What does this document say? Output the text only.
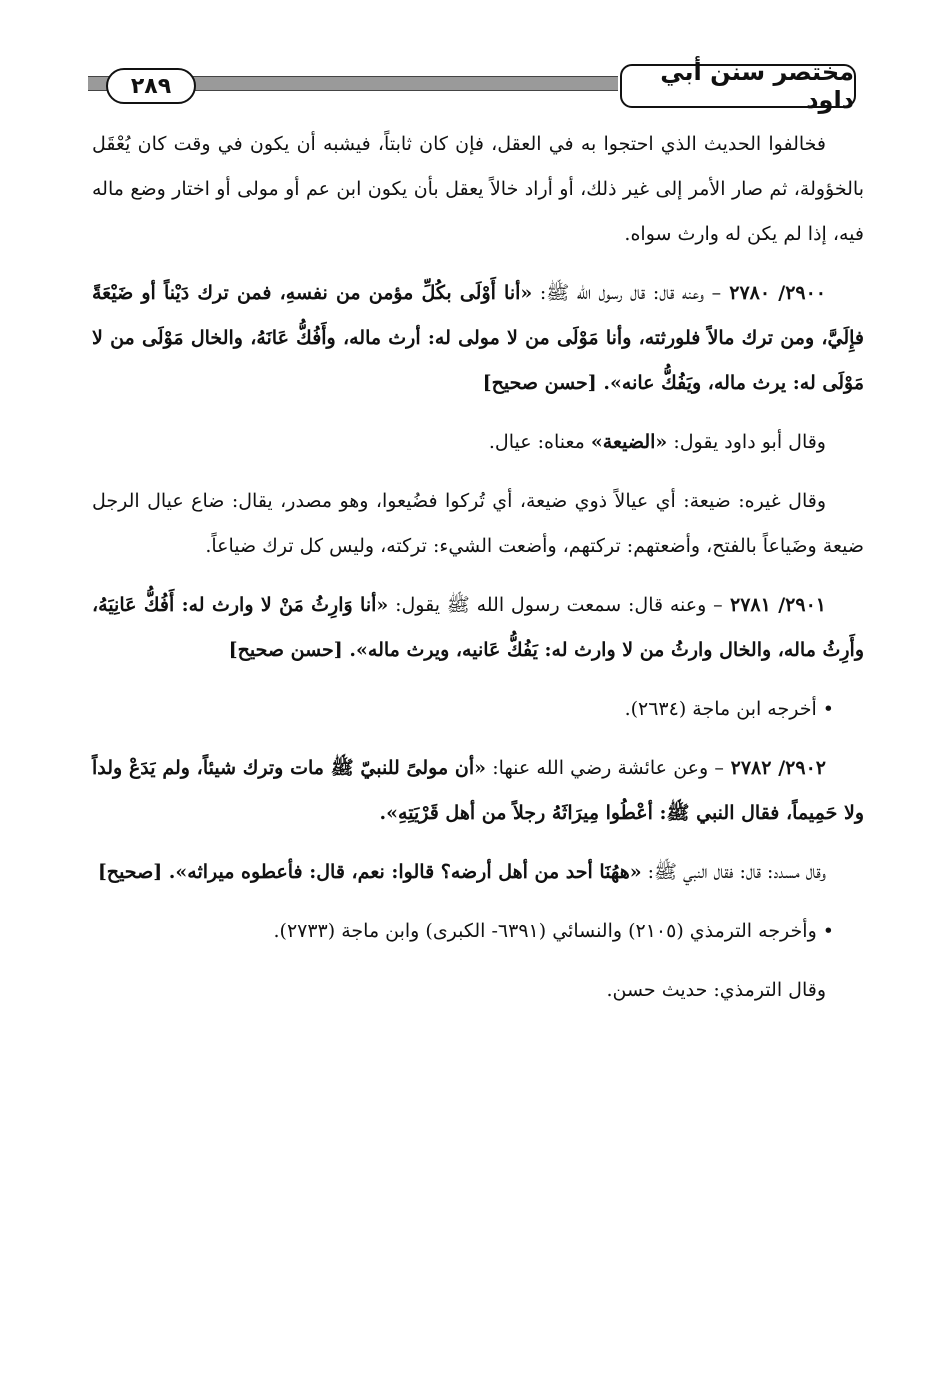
٢٨٩	مختصر سنن أبي داود

فخالفوا الحديث الذي احتجوا به في العقل، فإن كان ثابتاً، فيشبه أن يكون في وقت كان يُعْقَل بالخؤولة، ثم صار الأمر إلى غير ذلك، أو أراد خالاً يعقل بأن يكون ابن عم أو مولى أو اختار وضع ماله فيه، إذا لم يكن له وارث سواه.

٢٩٠٠/ ٢٧٨٠ – وعنه قال: قال رسول الله ﷺ: «أنا أَوْلَى بكُلِّ مؤمن من نفسهِ، فمن ترك دَيْناً أو ضَيْعَةً فإِلَيَّ، ومن ترك مالاً فلورثته، وأنا مَوْلَى من لا مولى له: أرث ماله، وأَفُكُّ عَانَهُ، والخال مَوْلَى من لا مَوْلَى له: يرث ماله، ويَفُكُّ عانه». [حسن صحيح]

وقال أبو داود يقول: «الضيعة» معناه: عيال.

وقال غيره: ضيعة: أي عيالاً ذوي ضيعة، أي تُركوا فضُيعوا، وهو مصدر، يقال: ضاع عيال الرجل ضيعة وضَياعاً بالفتح، وأضعتهم: تركتهم، وأضعت الشيء: تركته، وليس كل ترك ضياعاً.

٢٩٠١/ ٢٧٨١ – وعنه قال: سمعت رسول الله ﷺ يقول: «أنا وَارِثُ مَنْ لا وارث له: أَفُكُّ عَانِيَهُ، وأَرِثُ ماله، والخال وارثُ من لا وارث له: يَفُكُّ عَانيه، ويرث ماله». [حسن صحيح]

• أخرجه ابن ماجة (٢٦٣٤).

٢٩٠٢/ ٢٧٨٢ – وعن عائشة رضي الله عنها: «أن مولىً للنبيّ ﷺ مات وترك شيئاً، ولم يَدَعْ ولداً ولا حَمِيماً، فقال النبي ﷺ: أعْطُوا مِيرَاثَهُ رجلاً من أهل قَرْيَتِهِ».

وقال مسدد: قال: فقال النبي ﷺ: «ههُنَا أحد من أهل أرضه؟ قالوا: نعم، قال: فأعطوه ميراثه». [صحيح]

• وأخرجه الترمذي (٢١٠٥) والنسائي (٦٣٩١- الكبرى) وابن ماجة (٢٧٣٣).

وقال الترمذي: حديث حسن.
